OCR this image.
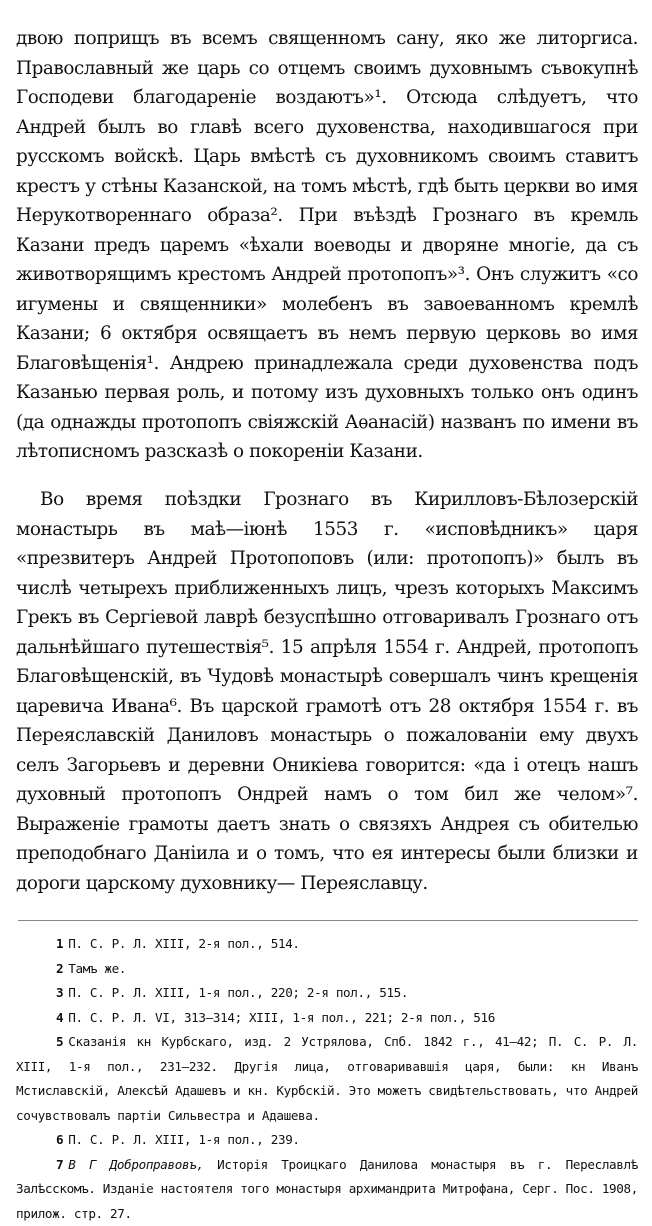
двою поприщъ въ всемъ священномъ сану, яко же литоргиса. Православный же царь со отцемъ своимъ духовнымъ съвокупнѣ Господеви благодареніе воздаютъ»¹. Отсюда слѣдуетъ, что Андрей былъ во главѣ всего духовенства, находившагося при русскомъ войскѣ. Царь вмѣстѣ съ духовникомъ своимъ ставитъ крестъ у стѣны Казанской, на томъ мѣстѣ, гдѣ быть церкви во имя Нерукотвореннаго образа². При въѣздѣ Грознаго въ кремль Казани предъ царемъ «ѣхали воеводы и дворяне многіе, да съ животворящимъ крестомъ Андрей протопопъ»³. Онъ служитъ «со игумены и священники» молебенъ въ завоеванномъ кремлѣ Казани; 6 октября освящаетъ въ немъ первую церковь во имя Благовѣщенія¹. Андрею принадлежала среди духовенства подъ Казанью первая роль, и потому изъ духовныхъ только онъ одинъ (да однажды протопопъ свіяжскій Аѳанасій) названъ по имени въ лѣтописномъ разсказѣ о покореніи Казани.

Во время поѣздки Грознаго въ Кирилловъ-Бѣлозерскій монастырь въ маѣ—іюнѣ 1553 г. «исповѣдникъ» царя «презвитеръ Андрей Протопоповъ (или: протопопъ)» былъ въ числѣ четырехъ приближенныхъ лицъ, чрезъ которыхъ Максимъ Грекъ въ Сергіевой лаврѣ безуспѣшно отговаривалъ Грознаго отъ дальнѣйшаго путешествія⁵. 15 апрѣля 1554 г. Андрей, протопопъ Благовѣщенскій, въ Чудовѣ монастырѣ совершалъ чинъ крещенія царевича Ивана⁶. Въ царской грамотѣ отъ 28 октября 1554 г. въ Переяславскій Даниловъ монастырь о пожалованіи ему двухъ селъ Загорьевъ и деревни Оникіева говорится: «да і отецъ нашъ духовный протопопъ Ондрей намъ о том бил же челом»⁷. Выраженіе грамоты даетъ знать о связяхъ Андрея съ обителью преподобнаго Даніила и о томъ, что ея интересы были близки и дороги царскому духовнику— Переяславцу.

1 П. С. Р. Л. XIII, 2-я пол., 514.

2 Тамъ же.

3 П. С. Р. Л. XIII, 1-я пол., 220; 2-я пол., 515.

4 П. С. Р. Л. VI, 313—314; XIII, 1-я пол., 221; 2-я пол., 516

5 Сказанія кн Курбскаго, изд. 2 Устрялова, Спб. 1842 г., 41—42; П. С. Р. Л. XIII, 1-я пол., 231—232. Другія лица, отговаривавшія царя, были: кн Иванъ Мстиславскій, Алексѣй Адашевъ и кн. Курбскій. Это можетъ свидѣтельствовать, что Андрей сочувствовалъ партіи Сильвестра и Адашева.

6 П. С. Р. Л. XIII, 1-я пол., 239.

7 В Г Доброправовъ, Исторія Троицкаго Данилова монастыря въ г. Переславлѣ Залѣсскомъ. Изданіе настоятеля того монастыря архимандрита Митрофана, Серг. Пос. 1908, прилож. стр. 27.
